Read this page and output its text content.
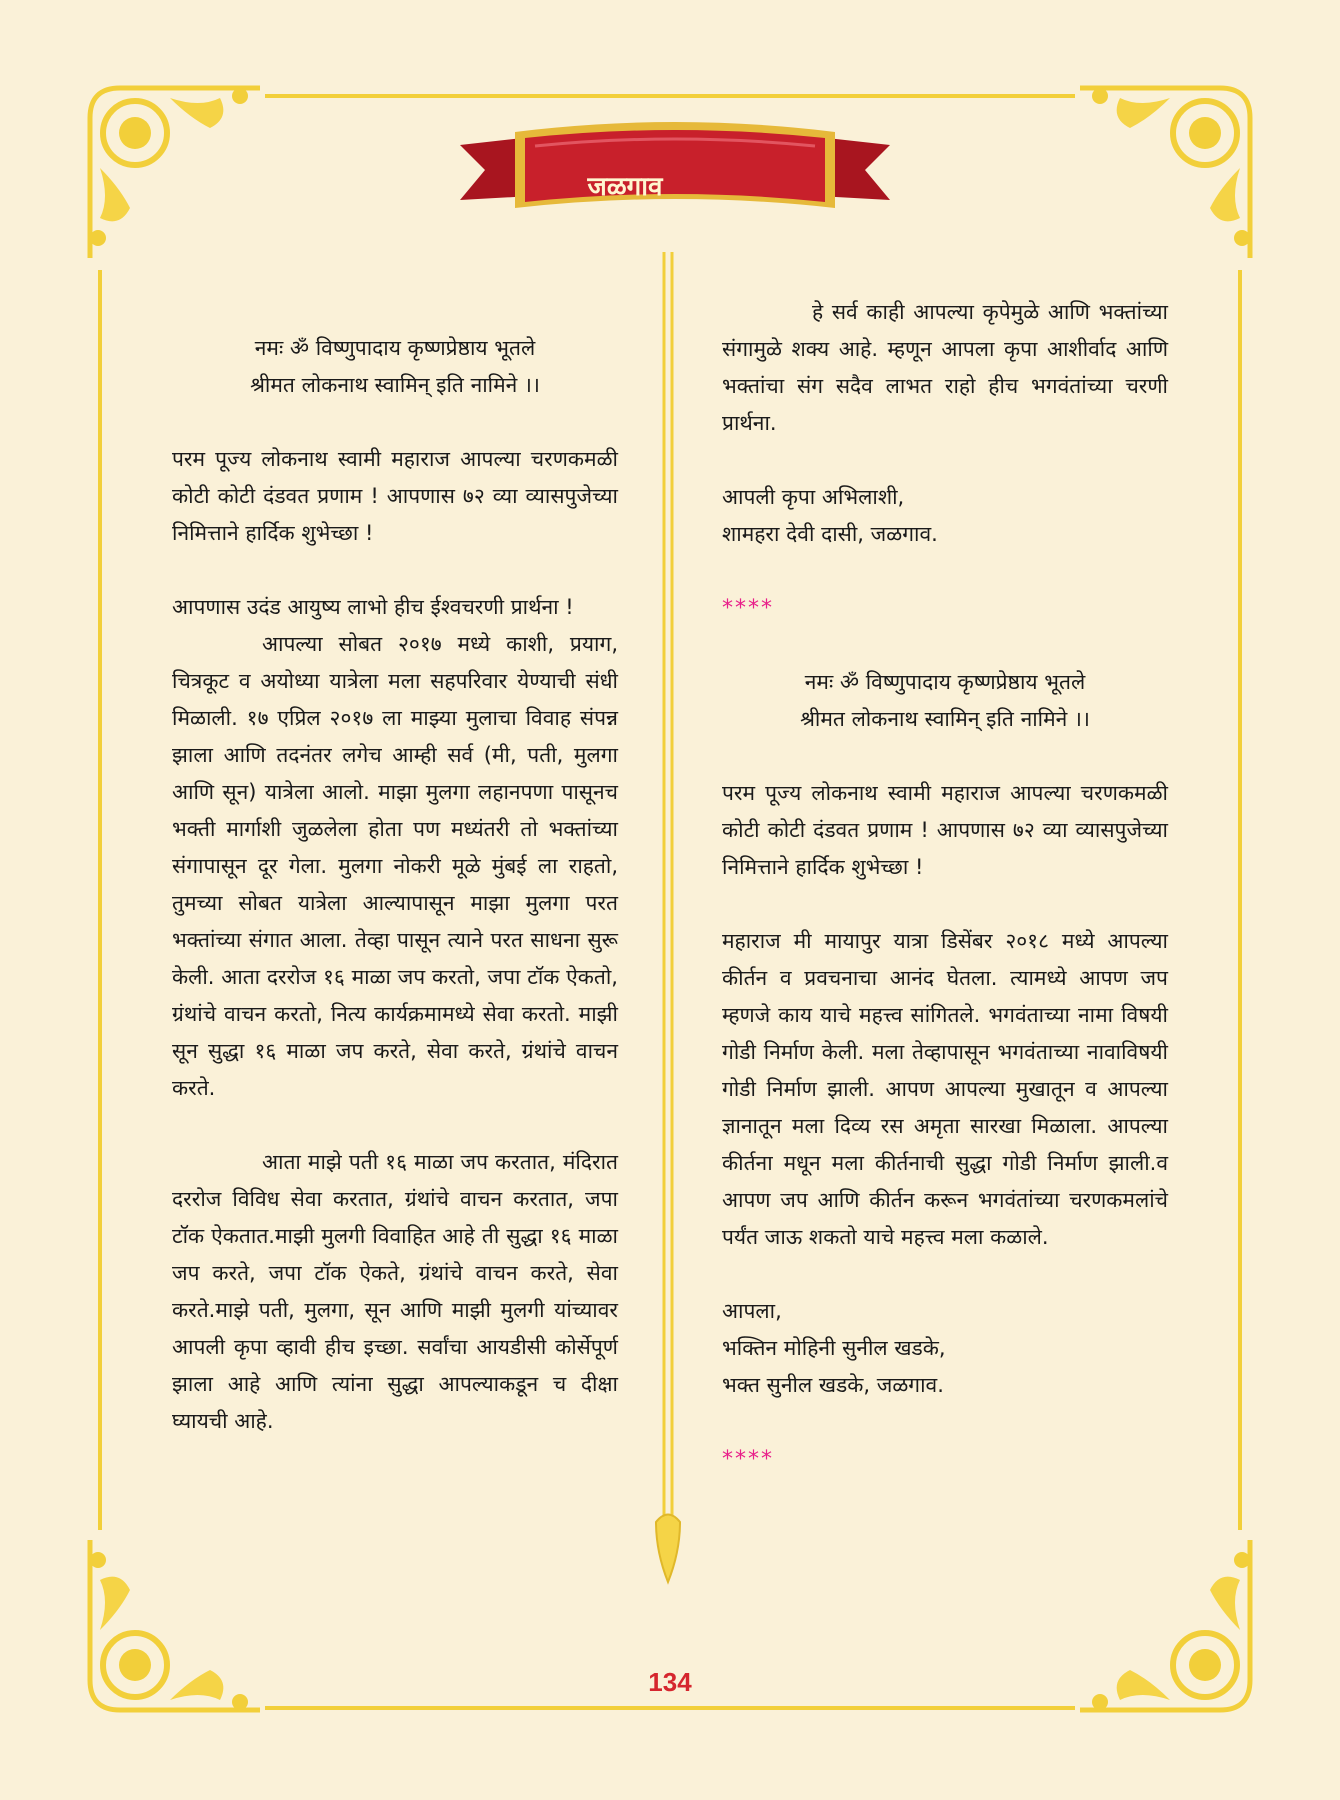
जळगाव

नमः ॐ विष्णुपादाय कृष्णप्रेष्ठाय भूतले

श्रीमत लोकनाथ स्वामिन् इति नामिने ।।

परम पूज्य लोकनाथ स्वामी महाराज आपल्या चरणकमळी कोटी कोटी दंडवत प्रणाम ! आपणास ७२ व्या व्यासपुजेच्या निमित्ताने हार्दिक शुभेच्छा !

आपणास उदंड आयुष्य लाभो हीच ईश्वचरणी प्रार्थना !

आपल्या सोबत २०१७ मध्ये काशी, प्रयाग, चित्रकूट व अयोध्या यात्रेला मला सहपरिवार येण्याची संधी मिळाली. १७ एप्रिल २०१७ ला माझ्या मुलाचा विवाह संपन्न झाला आणि तदनंतर लगेच आम्ही सर्व (मी, पती, मुलगा आणि सून) यात्रेला आलो. माझा मुलगा लहानपणा पासूनच भक्ती मार्गाशी जुळलेला होता पण मध्यंतरी तो भक्तांच्या संगापासून दूर गेला. मुलगा नोकरी मूळे मुंबई ला राहतो, तुमच्या सोबत यात्रेला आल्यापासून माझा मुलगा परत भक्तांच्या संगात आला. तेव्हा पासून त्याने परत साधना सुरू केली. आता दररोज १६ माळा जप करतो, जपा टॉक ऐकतो, ग्रंथांचे वाचन करतो, नित्य कार्यक्रमामध्ये सेवा करतो. माझी सून सुद्धा १६ माळा जप करते, सेवा करते, ग्रंथांचे वाचन करते.

आता माझे पती १६ माळा जप करतात, मंदिरात दररोज विविध सेवा करतात, ग्रंथांचे वाचन करतात, जपा टॉक ऐकतात.माझी मुलगी विवाहित आहे ती सुद्धा १६ माळा जप करते, जपा टॉक ऐकते, ग्रंथांचे वाचन करते, सेवा करते.माझे पती, मुलगा, सून आणि माझी मुलगी यांच्यावर आपली कृपा व्हावी हीच इच्छा. सर्वांचा आयडीसी कोर्सेपूर्ण झाला आहे आणि त्यांना सुद्धा आपल्याकडून च दीक्षा घ्यायची आहे.

हे सर्व काही आपल्या कृपेमुळे आणि भक्तांच्या संगामुळे शक्य आहे. म्हणून आपला कृपा आशीर्वाद आणि भक्तांचा संग सदैव लाभत राहो हीच भगवंतांच्या चरणी प्रार्थना.

आपली कृपा अभिलाशी,

शामहरा देवी दासी, जळगाव.

****

नमः ॐ विष्णुपादाय कृष्णप्रेष्ठाय भूतले

श्रीमत लोकनाथ स्वामिन् इति नामिने ।।

परम पूज्य लोकनाथ स्वामी महाराज आपल्या चरणकमळी कोटी कोटी दंडवत प्रणाम ! आपणास ७२ व्या व्यासपुजेच्या निमित्ताने हार्दिक शुभेच्छा !

महाराज मी मायापुर यात्रा डिसेंबर २०१८ मध्ये आपल्या कीर्तन व प्रवचनाचा आनंद घेतला. त्यामध्ये आपण जप म्हणजे काय याचे महत्त्व सांगितले. भगवंताच्या नामा विषयी गोडी निर्माण केली. मला तेव्हापासून भगवंताच्या नावाविषयी गोडी निर्माण झाली. आपण आपल्या मुखातून व आपल्या ज्ञानातून मला दिव्य रस अमृता सारखा मिळाला. आपल्या कीर्तना मधून मला कीर्तनाची सुद्धा गोडी निर्माण झाली.व आपण जप आणि कीर्तन करून भगवंतांच्या चरणकमलांचे पर्यंत जाऊ शकतो याचे महत्त्व मला कळाले.

आपला,

भक्तिन मोहिनी सुनील खडके,

भक्त सुनील खडके, जळगाव.

****

134
